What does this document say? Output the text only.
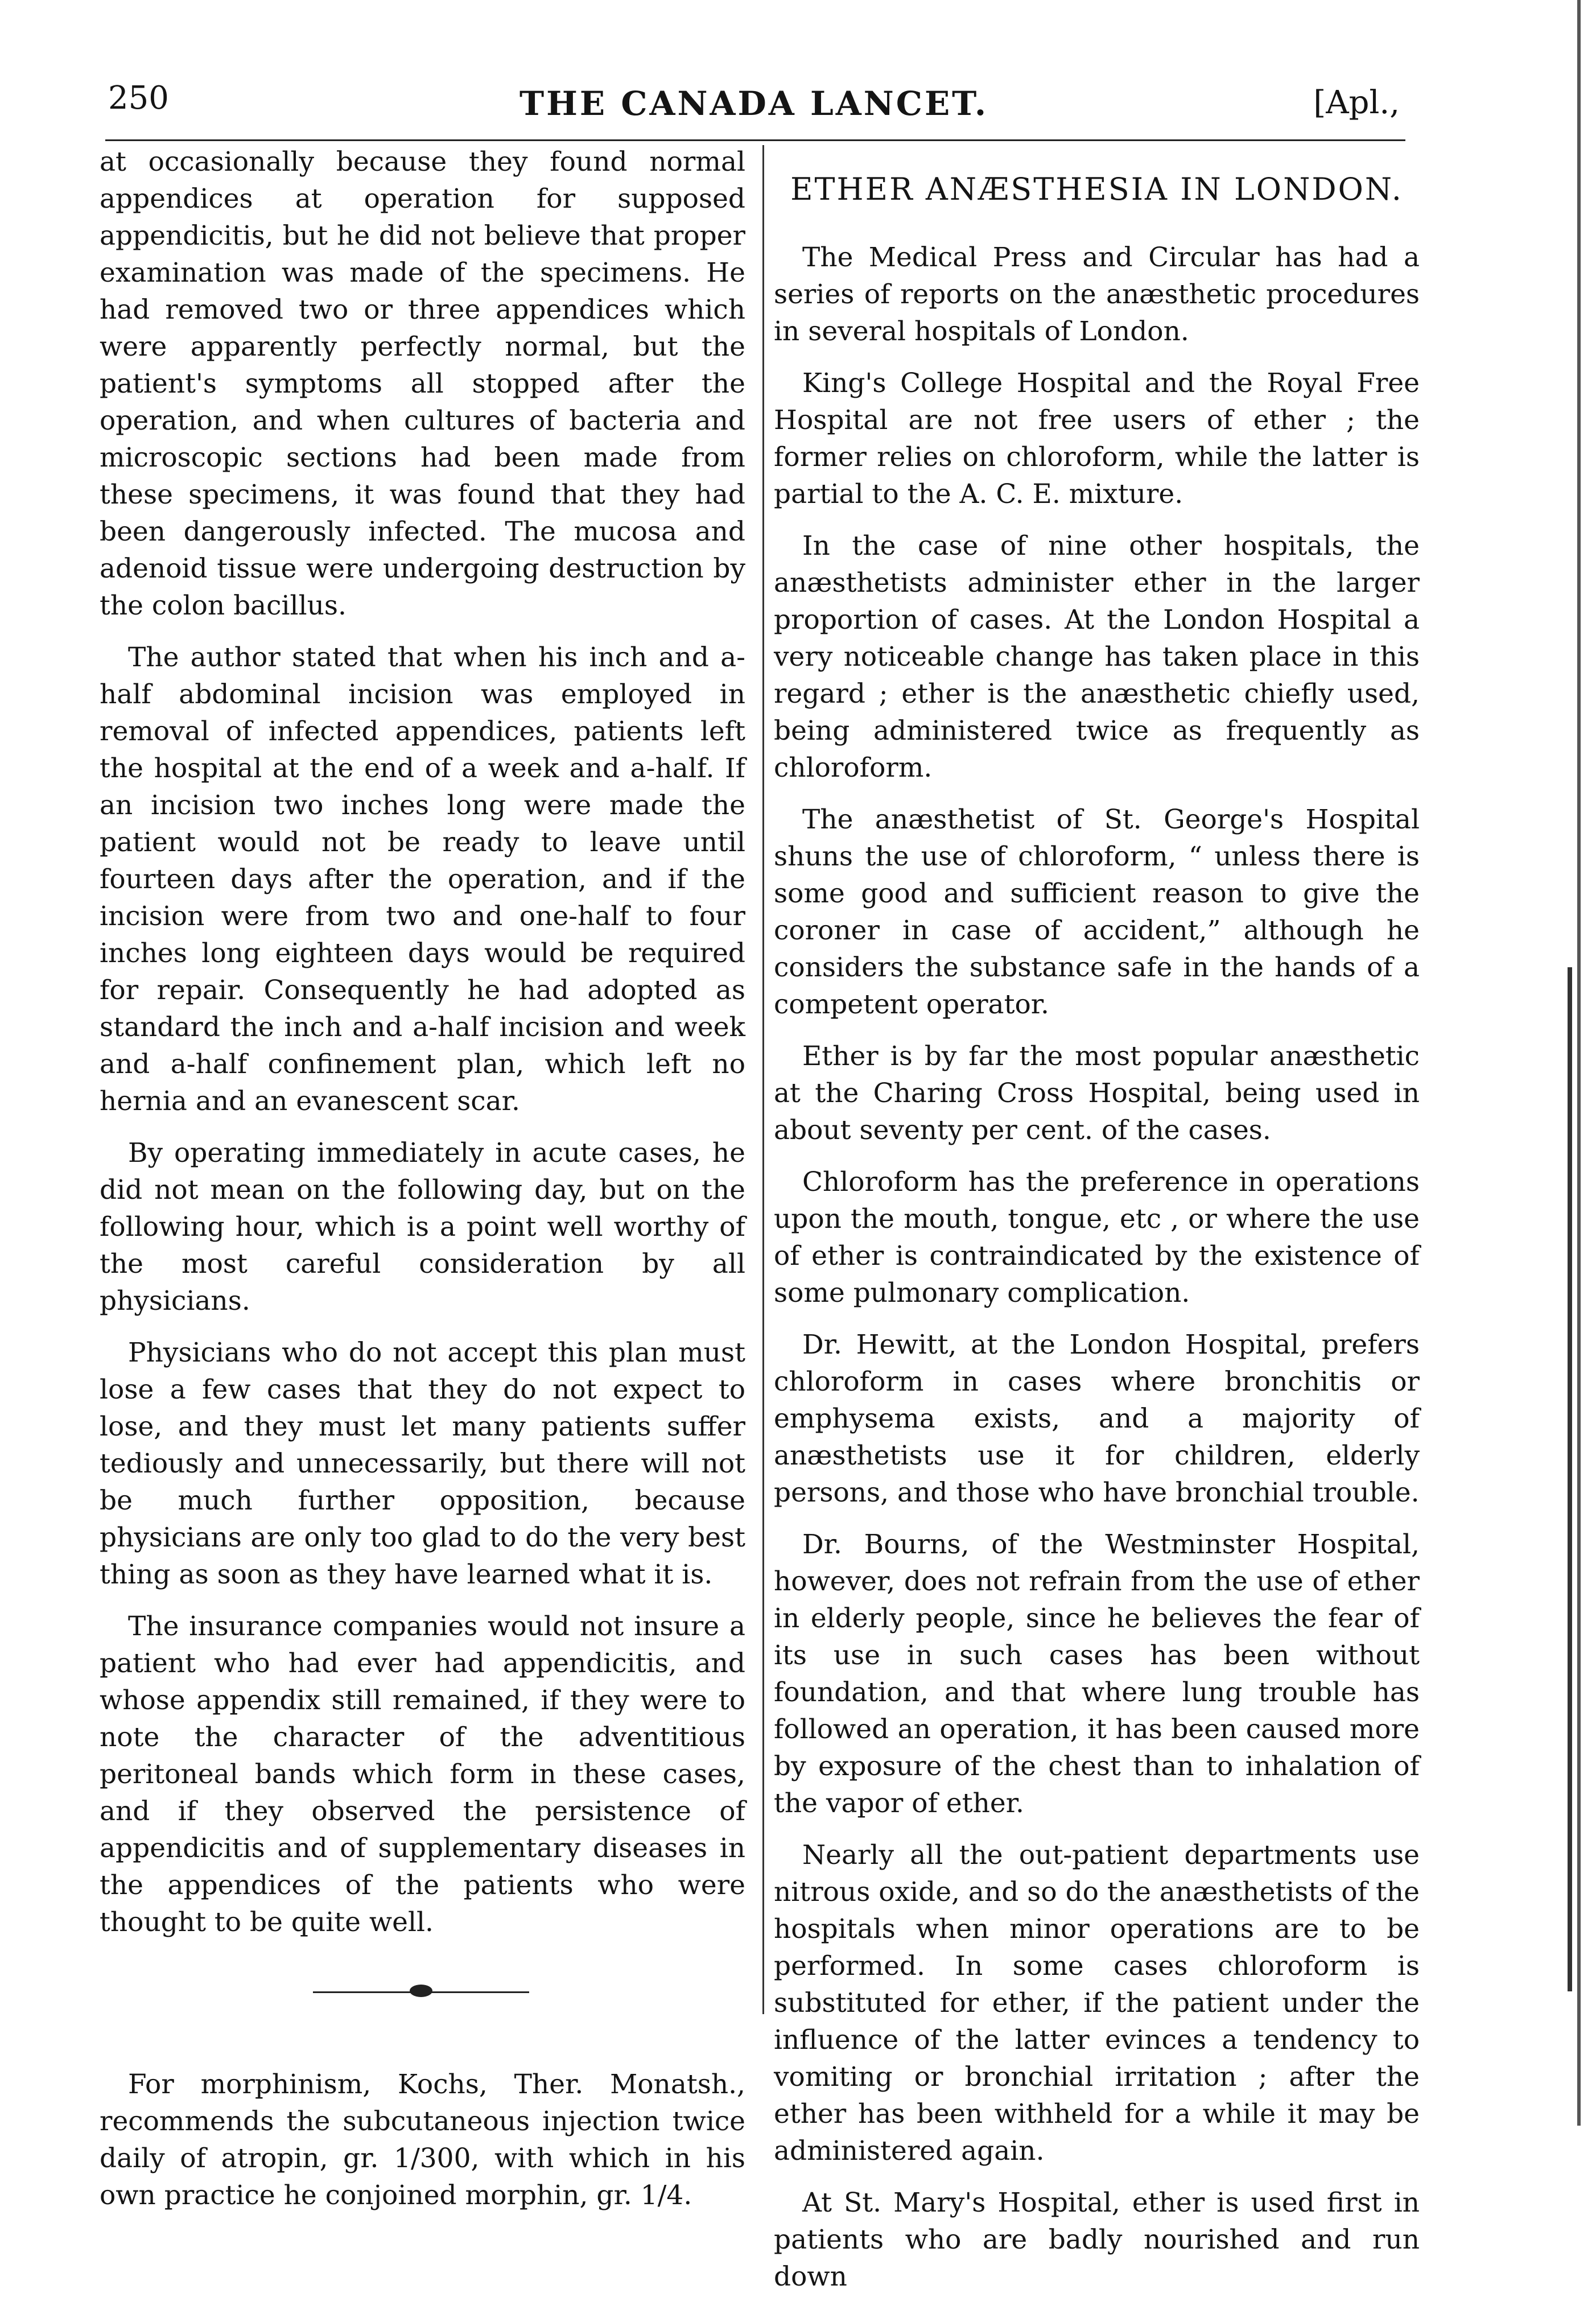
250	THE CANADA LANCET.	[Apl.,

at occasionally because they found normal appendices at operation for supposed appendicitis, but he did not believe that proper examination was made of the specimens. He had removed two or three appendices which were apparently perfectly normal, but the patient's symptoms all stopped after the operation, and when cultures of bacteria and microscopic sections had been made from these specimens, it was found that they had been dangerously infected. The mucosa and adenoid tissue were undergoing destruction by the colon bacillus.

The author stated that when his inch and a-half abdominal incision was employed in removal of infected appendices, patients left the hospital at the end of a week and a-half. If an incision two inches long were made the patient would not be ready to leave until fourteen days after the operation, and if the incision were from two and one-half to four inches long eighteen days would be required for repair. Consequently he had adopted as standard the inch and a-half incision and week and a-half confinement plan, which left no hernia and an evanescent scar.

By operating immediately in acute cases, he did not mean on the following day, but on the following hour, which is a point well worthy of the most careful consideration by all physicians.

Physicians who do not accept this plan must lose a few cases that they do not expect to lose, and they must let many patients suffer tediously and unnecessarily, but there will not be much further opposition, because physicians are only too glad to do the very best thing as soon as they have learned what it is.

The insurance companies would not insure a patient who had ever had appendicitis, and whose appendix still remained, if they were to note the character of the adventitious peritoneal bands which form in these cases, and if they observed the persistence of appendicitis and of supplementary diseases in the appendices of the patients who were thought to be quite well.

For morphinism, Kochs, Ther. Monatsh., recommends the subcutaneous injection twice daily of atropin, gr. 1/300, with which in his own practice he conjoined morphin, gr. 1/4.

ETHER ANÆSTHESIA IN LONDON.

The Medical Press and Circular has had a series of reports on the anæsthetic procedures in several hospitals of London.

King's College Hospital and the Royal Free Hospital are not free users of ether ; the former relies on chloroform, while the latter is partial to the A. C. E. mixture.

In the case of nine other hospitals, the anæsthetists administer ether in the larger proportion of cases. At the London Hospital a very noticeable change has taken place in this regard ; ether is the anæsthetic chiefly used, being administered twice as frequently as chloroform.

The anæsthetist of St. George's Hospital shuns the use of chloroform, “ unless there is some good and sufficient reason to give the coroner in case of accident,” although he considers the substance safe in the hands of a competent operator.

Ether is by far the most popular anæsthetic at the Charing Cross Hospital, being used in about seventy per cent. of the cases.

Chloroform has the preference in operations upon the mouth, tongue, etc , or where the use of ether is contraindicated by the existence of some pulmonary complication.

Dr. Hewitt, at the London Hospital, prefers chloroform in cases where bronchitis or emphysema exists, and a majority of anæsthetists use it for children, elderly persons, and those who have bronchial trouble.

Dr. Bourns, of the Westminster Hospital, however, does not refrain from the use of ether in elderly people, since he believes the fear of its use in such cases has been without foundation, and that where lung trouble has followed an operation, it has been caused more by exposure of the chest than to inhalation of the vapor of ether.

Nearly all the out-patient departments use nitrous oxide, and so do the anæsthetists of the hospitals when minor operations are to be performed. In some cases chloroform is substituted for ether, if the patient under the influence of the latter evinces a tendency to vomiting or bronchial irritation ; after the ether has been withheld for a while it may be administered again.

At St. Mary's Hospital, ether is used first in patients who are badly nourished and run down
